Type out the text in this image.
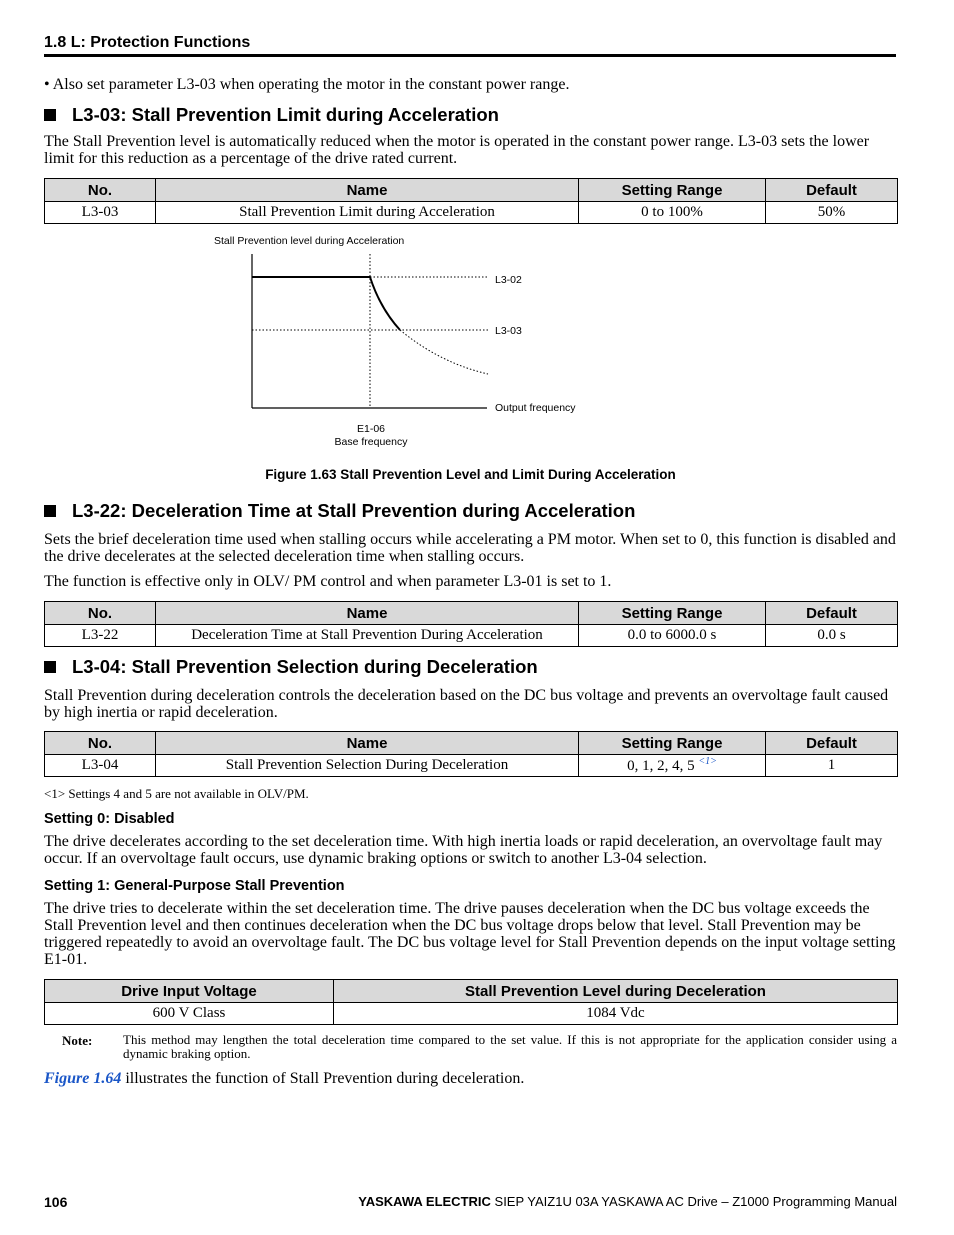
1.8 L: Protection Functions
• Also set parameter L3-03 when operating the motor in the constant power range.
L3-03: Stall Prevention Limit during Acceleration
The Stall Prevention level is automatically reduced when the motor is operated in the constant power range. L3-03 sets the lower limit for this reduction as a percentage of the drive rated current.
No.	Name	Setting Range	Default
L3-03	Stall Prevention Limit during Acceleration	0 to 100%	50%
Stall Prevention level during Acceleration
L3-02
L3-03
Output frequency
E1-06
Base frequency
Figure 1.63 Stall Prevention Level and Limit During Acceleration
L3-22: Deceleration Time at Stall Prevention during Acceleration
Sets the brief deceleration time used when stalling occurs while accelerating a PM motor. When set to 0, this function is disabled and the drive decelerates at the selected deceleration time when stalling occurs.
The function is effective only in OLV/ PM control and when parameter L3-01 is set to 1.
No.	Name	Setting Range	Default
L3-22	Deceleration Time at Stall Prevention During Acceleration	0.0 to 6000.0 s	0.0 s
L3-04: Stall Prevention Selection during Deceleration
Stall Prevention during deceleration controls the deceleration based on the DC bus voltage and prevents an overvoltage fault caused by high inertia or rapid deceleration.
No.	Name	Setting Range	Default
L3-04	Stall Prevention Selection During Deceleration	0, 1, 2, 4, 5 $^{<1>}$	1
<1> Settings 4 and 5 are not available in OLV/PM.
Setting 0: Disabled
The drive decelerates according to the set deceleration time. With high inertia loads or rapid deceleration, an overvoltage fault may occur. If an overvoltage fault occurs, use dynamic braking options or switch to another L3-04 selection.
Setting 1: General-Purpose Stall Prevention
The drive tries to decelerate within the set deceleration time. The drive pauses deceleration when the DC bus voltage exceeds the Stall Prevention level and then continues deceleration when the DC bus voltage drops below that level. Stall Prevention may be triggered repeatedly to avoid an overvoltage fault. The DC bus voltage level for Stall Prevention depends on the input voltage setting E1-01.
Drive Input Voltage	Stall Prevention Level during Deceleration
600 V Class	1084 Vdc
Note: This method may lengthen the total deceleration time compared to the set value. If this is not appropriate for the application consider using a dynamic braking option.
Figure 1.64 illustrates the function of Stall Prevention during deceleration.
106	YASKAWA ELECTRIC SIEP YAIZ1U 03A YASKAWA AC Drive – Z1000 Programming Manual
